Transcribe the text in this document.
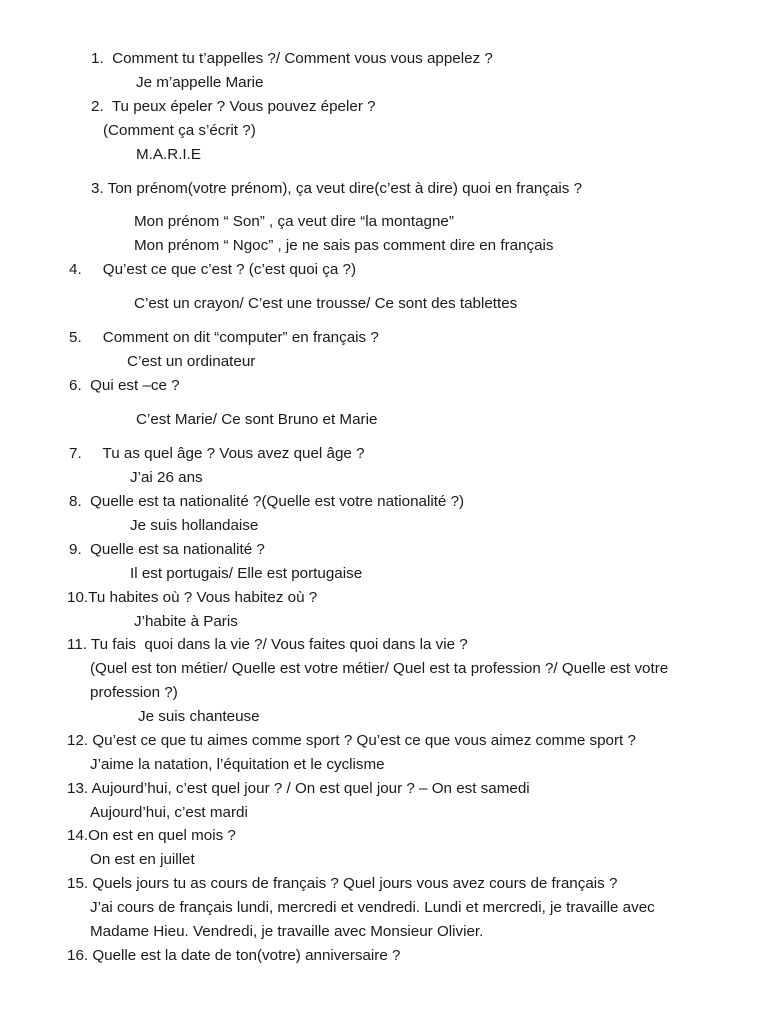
1.  Comment tu t’appelles ?/ Comment vous vous appelez ?
Je m’appelle Marie
2.  Tu peux épeler ? Vous pouvez épeler ?
(Comment ça s’écrit ?)
M.A.R.I.E
3. Ton prénom(votre prénom), ça veut dire(c’est à dire) quoi en français ?
Mon prénom “ Son” , ça veut dire “la montagne”
Mon prénom “ Ngoc” , je ne sais pas comment dire en français
4.     Qu’est ce que c’est ? (c’est quoi ça ?)
C’est un crayon/ C’est une trousse/ Ce sont des tablettes
5.     Comment on dit “computer” en français ?
C’est un ordinateur
6.  Qui est –ce ?
C’est Marie/ Ce sont Bruno et Marie
7.     Tu as quel âge ? Vous avez quel âge ?
J’ai 26 ans
8.  Quelle est ta nationalité ?(Quelle est votre nationalité ?)
Je suis hollandaise
9.  Quelle est sa nationalité ?
Il est portugais/ Elle est portugaise
10.Tu habites où ? Vous habitez où ?
J’habite à Paris
11. Tu fais  quoi dans la vie ?/ Vous faites quoi dans la vie ?
(Quel est ton métier/ Quelle est votre métier/ Quel est ta profession ?/ Quelle est votre
profession ?)
Je suis chanteuse
12. Qu’est ce que tu aimes comme sport ? Qu’est ce que vous aimez comme sport ?
J’aime la natation, l’équitation et le cyclisme
13. Aujourd’hui, c’est quel jour ? / On est quel jour ? – On est samedi
Aujourd’hui, c’est mardi
14.On est en quel mois ?
On est en juillet
15. Quels jours tu as cours de français ? Quel jours vous avez cours de français ?
J’ai cours de français lundi, mercredi et vendredi. Lundi et mercredi, je travaille avec
Madame Hieu. Vendredi, je travaille avec Monsieur Olivier.
16. Quelle est la date de ton(votre) anniversaire ?
